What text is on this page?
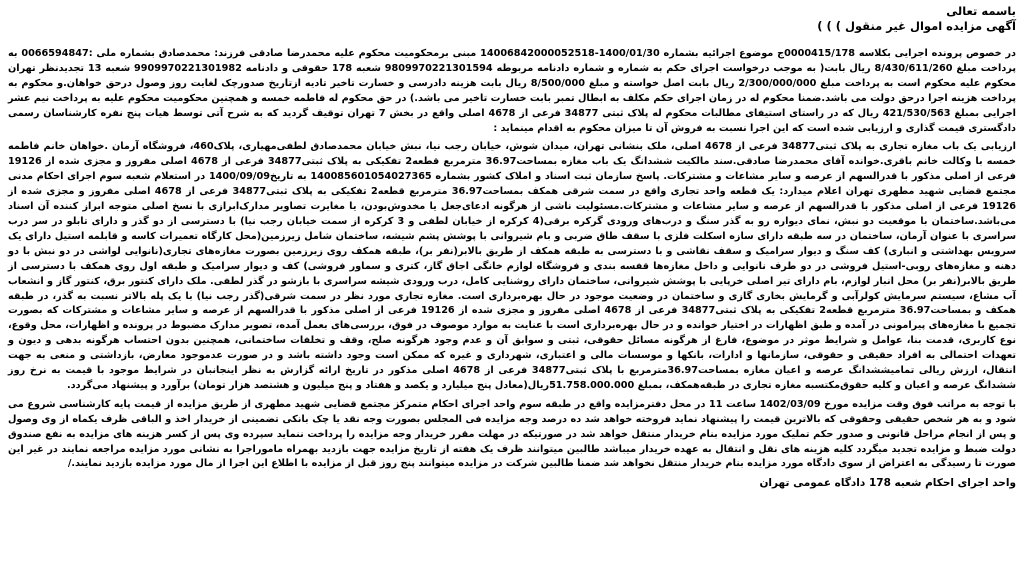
باسمه تعالی

آگهی مزایده اموال غیر منقول ) ) )

در خصوص پرونده اجرایی بکلاسه 0000415/178ج موضوع اجرائیه بشماره 1400/01/30-14006842000052518 مبنی برمحکومیت محکوم علیه محمدرضا صادقی فرزند: محمدصادق بشماره ملی :0066594847 به پرداخت مبلغ 8/430/611/260 ریال بابت( به موجب درخواست اجرای حکم به شماره و شماره دادنامه مربوطه 9809970221301594 شعبه 178 حقوقی و دادنامه 9909970221301982 شعبه 13 تجدیدنظر تهران محکوم علیه محکوم است به پرداخت مبلغ 2/300/000/000 ریال بابت اصل خواسته و مبلغ 8/500/000 ریال بابت هزینه دادرسی و خسارت تاخیر تادیه ازتاریخ صدورچک لغایت روز وصول درحق خواهان.و محکوم به پرداخت هزینه اجرا درحق دولت می باشد.ضمنا محکوم له در زمان اجرای حکم مکلف به ابطال تمبر بابت خسارت تاخیر می باشد.) در حق محکوم له فاطمه خمسه و همچنین محکومیت محکوم علیه به پرداخت نیم عشر اجرایی بمبلغ 421/530/563 ریال که در راستای استیفای مطالبات محکوم له پلاک ثبتی 34877 فرعی از 4678 اصلی واقع در بخش 7 تهران توقیف گردید که به شرح آتی توسط هیات پنج نفره کارشناسان رسمی دادگستری قیمت گذاری و ارزیابی شده است که این اجرا نسبت به فروش آن تا میزان محکوم به اقدام مینماید :

ارزیابی یک باب مغازه تجاری به پلاک ثبتی34877 فرعی از 4678 اصلی، ملک بنشانی تهران، میدان شوش، خیابان رجب نیا، نبش خیابان محمدصادق لطفی‌مهیاری، پلاک460، فروشگاه آرمان .خواهان خانم فاطمه خمسه با وکالت خانم باقری.خوانده آقای محمدرضا صادقی.سند مالکیت ششدانگ یک باب مغازه بمساحت36.97 مترمربع قطعه2 تفکیکی به پلاک ثبتی34877 فرعی از 4678 اصلی مفروز و مجزی شده از 19126 فرعی از اصلی مذکور با قدرالسهم از عرصه و سایر مشاعات و مشترکات. پاسخ سازمان ثبت اسناد و املاک کشور بشماره 140085601054027365 به تاریخ1400/09/09 در استعلام شعبه سوم اجرای احکام مدنی مجتمع قضایی شهید مطهری تهران اعلام میدارد: یک قطعه واحد تجاری واقع در سمت شرقی همکف بمساحت36.97 مترمربع قطعه2 تفکیکی به پلاک ثبتی34877 فرعی از 4678 اصلی مفروز و مجزی شده از 19126 فرعی از اصلی مذکور با قدرالسهم از عرصه و سایر مشاعات و مشترکات.مسئولیت ناشی از هرگونه ادعای‌جعل یا مخدوش‌بودن، یا مغایرت تصاویر مدارک‌ابرازی با نسخ اصلی متوجه ابراز کننده آن اسناد می‌باشد.ساختمان با موقعیت دو نبش، نمای دیواره رو به گذر سنگ و درب‌های ورودی گرکره برقی(4 کرکره از خیابان لطفی و 3 کرکره از سمت خیابان رجب نیا) با دسترسی از دو گذر و دارای تابلو در سر درب سراسری با عنوان آرمان، ساختمان در سه طبقه دارای سازه اسکلت فلزی با سقف طاق ضربی و بام شیروانی با پوشش پشم شیشه، ساختمان شامل زیرزمین(محل کارگاه تعمیرات کاسه و قابلمه استیل دارای یک سرویس بهداشتی و انباری) کف سنگ و دیوار سرامیک و سقف نقاشی و با دسترسی به طبقه همکف از طریق بالابر(نفر بر)، طبقه همکف روی زیرزمین بصورت مغازه‌های تجاری(نانوایی لواشی در دو نبش با دو دهنه و مغازه‌های روبی-استیل فروشی در دو طرف نانوایی و داخل مغازه‌ها قفسه بندی و فروشگاه لوازم خانگی اجاق گاز، کتری و سماور فروشی) کف و دیوار سرامیک و طبقه اول روی همکف با دسترسی از طریق بالابر(نفر بر) محل انبار لوازم، بام دارای تیر اصلی خرپایی با پوشش شیروانی، ساختمان دارای روشنایی کامل، درب ورودی شیشه سراسری با بازشو در گذر لطفی. ملک دارای کنتور برق، کنتور گاز و انشعاب آب مشاع، سیستم سرمایش کولرآبی و گرمایش بخاری گازی و ساختمان در وضعیت موجود در حال بهره‌برداری است. مغازه تجاری مورد نظر در سمت شرقی(گذر رجب نیا) با یک پله بالاتر نسبت به گذر، در طبقه همکف و بمساحت36.97 مترمربع قطعه2 تفکیکی به پلاک ثبتی34877 فرعی از 4678 اصلی مفروز و مجزی شده از 19126 فرعی از اصلی مذکور با قدرالسهم از عرصه و سایر مشاعات و مشترکات که بصورت تجمیع با مغازه‌های پیرامونی در آمده و طبق اظهارات در اختیار خوانده و در حال بهره‌برداری است با عنایت به موارد موصوف در فوق، بررسی‌های بعمل آمده، تصویر مدارک مضبوط در پرونده و اظهارات، محل وقوع، نوع کاربری، قدمت بنا، عوامل و شرایط موثر در موضوع، فارغ از هرگونه مسائل حقوقی، ثبتی و سوابق آن و عدم وجود هرگونه صلح، وقف و تخلفات ساختمانی، همچنین بدون احتساب هرگونه بدهی و دیون و تعهدات احتمالی به افراد حقیقی و حقوقی، سازمانها و ادارات، بانکها و موسسات مالی و اعتباری، شهرداری و غیره که ممکن است وجود داشته باشد و در صورت عدموجود معارض، بازداشتی و منعی به جهت انتقال، ارزش ریالی تمامیششدانگ عرصه و اعیان مغازه بمساحت36.97مترمربع با پلاک ثبتی34877 فرعی از 4678 اصلی مذکور در تاریخ ارائه گزارش به نظر اینجانبان در شرایط موجود با قیمت به نرخ روز ششدانگ عرصه و اعیان و کلیه حقوق‌مکتسبه مغازه تجاری در طبقه‌همکف، بمبلغ 51.758.000.000ریال(معادل پنج میلیارد و یکصد و هفتاد و پنج میلیون و هشتصد هزار تومان) برآورد و پیشنهاد می‌گردد.

با توجه به مراتب فوق وقت مزایده مورخ 1402/03/09 ساعت 11 در محل دفترمزایده واقع در طبقه سوم واحد اجرای احکام متمرکز مجتمع قضایی شهید مطهری از طریق مزایده از قیمت پایه کارشناسی شروع می شود و به هر شخص حقیقی وحقوقی که بالاترین قیمت را پیشنهاد نماید فروخته خواهد شد ده درصد وجه مزایده فی المجلس بصورت وجه نقد یا چک بانکی تضمینی از خریدار اخذ و الباقی ظرف یکماه از وی وصول و پس از انجام مراحل قانونی و صدور حکم تملیک مورد مزایده بنام خریدار منتقل خواهد شد در صورتیکه در مهلت مقرر خریدار وجه مزایده را پرداخت ننماید سپرده وی پس از کسر هزینه های مزایده به نفع صندوق دولت ضبط و مزایده تجدید میگردد کلیه هزینه های نقل و انتقال به عهده خریدار میباشد طالبین میتوانند ظرف یک هفته از تاریخ مزایده جهت بازدید بهمراه ماموراجرا به نشانی مورد مزایده مراجعه نمایند در غیر این صورت تا رسیدگی به اعتراض از سوی دادگاه مورد مزایده بنام خریدار منتقل نخواهد شد ضمنا طالبین شرکت در مزایده میتوانند پنج روز قبل از مزایده با اطلاع این اجرا از مال مورد مزایده بازدید نمایند./

واحد اجرای احکام شعبه 178 دادگاه عمومی تهران
